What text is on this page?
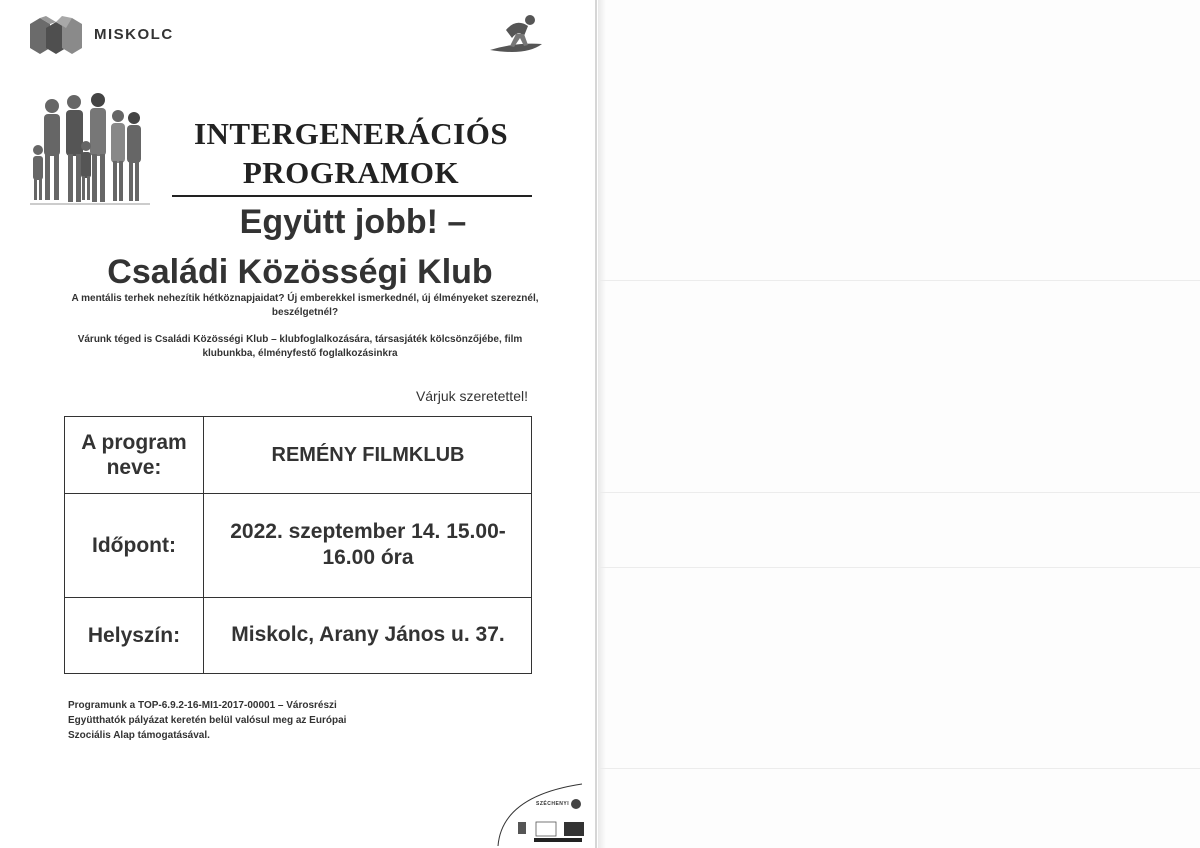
MISKOLC
INTERGENERÁCIÓS
PROGRAMOK
Együtt jobb! –
Családi Közösségi Klub
A mentális terhek nehezítik hétköznapjaidat? Új emberekkel ismerkednél, új élményeket szereznél, beszélgetnél?
Várunk téged is Családi Közösségi Klub – klubfoglalkozására, társasjáték kölcsönzőjébe, film klubunkba, élményfestő foglalkozásinkra
Várjuk szeretettel!
A program neve:
REMÉNY FILMKLUB
Időpont:
2022. szeptember 14. 15.00-16.00 óra
Helyszín:	Miskolc, Arany János u. 37.
Programunk a TOP-6.9.2-16-MI1-2017-00001 – Városrészi Együtthatók pályázat keretén belül valósul meg az Európai Szociális Alap támogatásával.
SZÉCHENYI
